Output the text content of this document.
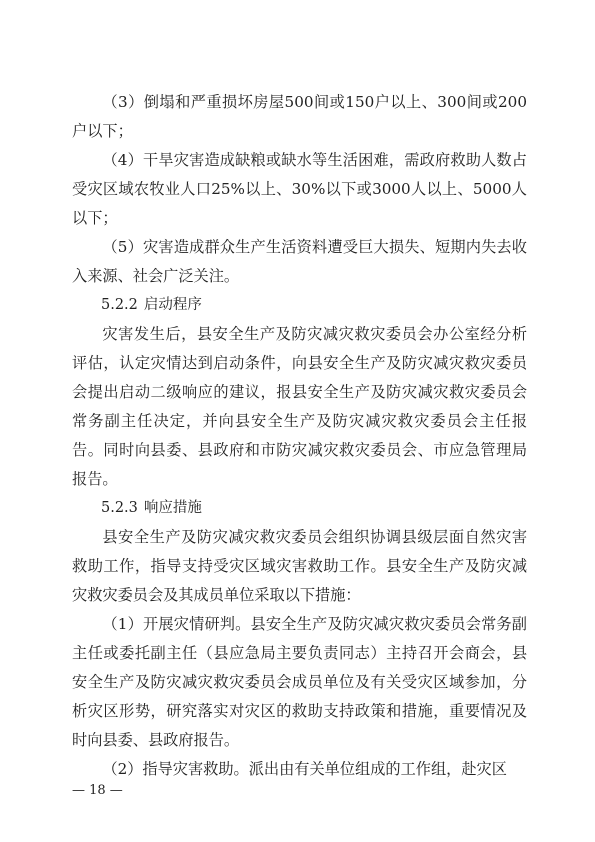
（3）倒塌和严重损坏房屋500间或150户以上、300间或200户以下；

（4）干旱灾害造成缺粮或缺水等生活困难，需政府救助人数占受灾区域农牧业人口25%以上、30%以下或3000人以上、5000人以下；

（5）灾害造成群众生产生活资料遭受巨大损失、短期内失去收入来源、社会广泛关注。

5.2.2 启动程序

灾害发生后，县安全生产及防灾减灾救灾委员会办公室经分析评估，认定灾情达到启动条件，向县安全生产及防灾减灾救灾委员会提出启动二级响应的建议，报县安全生产及防灾减灾救灾委员会常务副主任决定，并向县安全生产及防灾减灾救灾委员会主任报告。同时向县委、县政府和市防灾减灾救灾委员会、市应急管理局报告。

5.2.3 响应措施

县安全生产及防灾减灾救灾委员会组织协调县级层面自然灾害救助工作，指导支持受灾区域灾害救助工作。县安全生产及防灾减灾救灾委员会及其成员单位采取以下措施：

（1）开展灾情研判。县安全生产及防灾减灾救灾委员会常务副主任或委托副主任（县应急局主要负责同志）主持召开会商会，县安全生产及防灾减灾救灾委员会成员单位及有关受灾区域参加，分析灾区形势，研究落实对灾区的救助支持政策和措施，重要情况及时向县委、县政府报告。

（2）指导灾害救助。派出由有关单位组成的工作组，赴灾区

— 18 —
